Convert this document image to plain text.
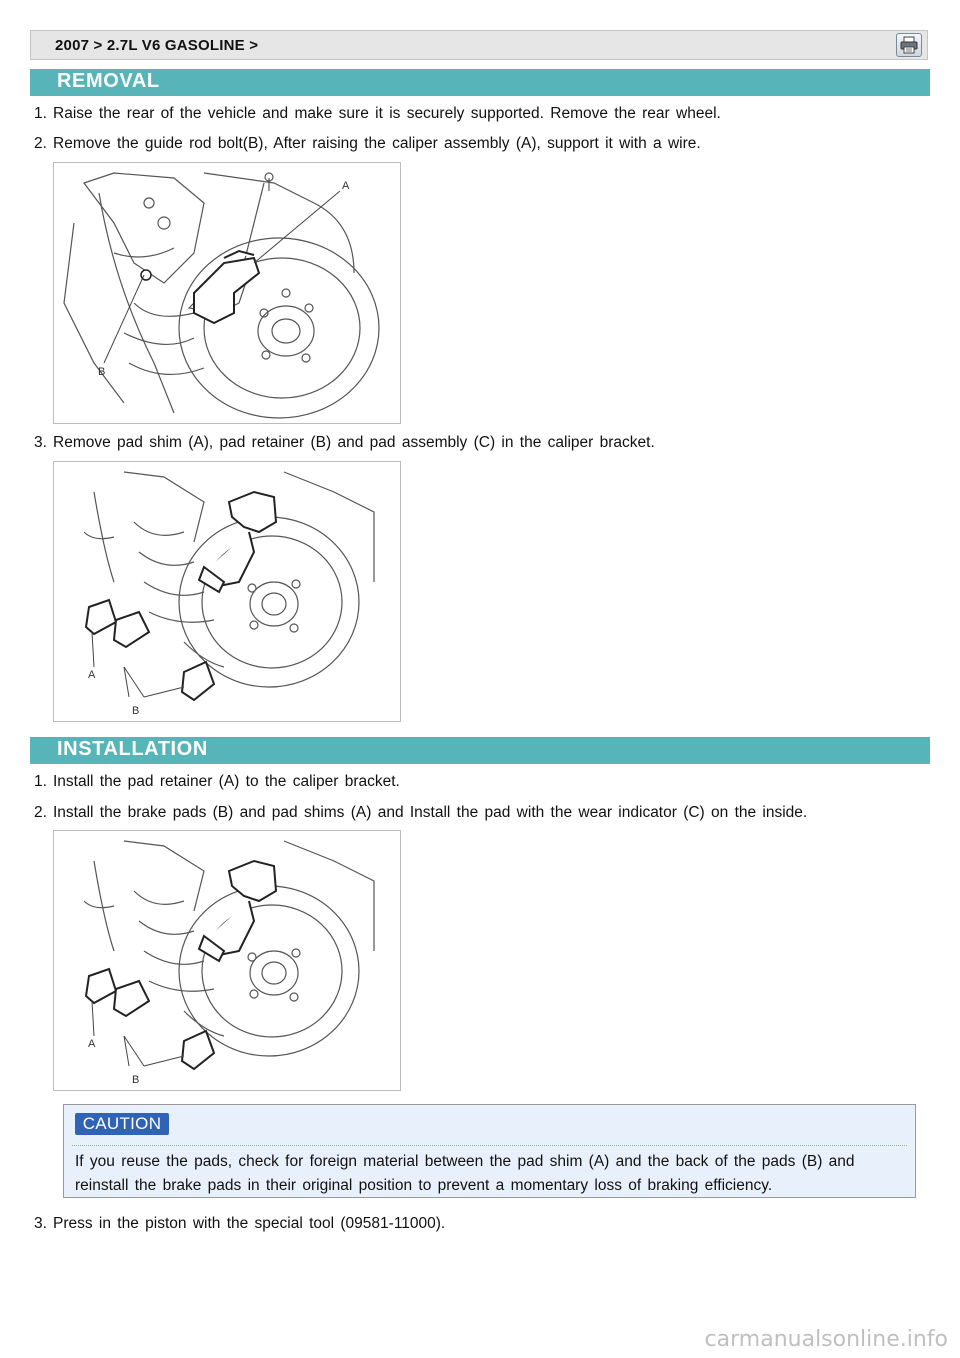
2007 > 2.7L V6 GASOLINE >
REMOVAL
1. Raise the rear of the vehicle and make sure it is securely supported. Remove the rear wheel.
2. Remove the guide rod bolt(B), After raising the caliper assembly (A), support it with a wire.
A
B
3. Remove pad shim (A), pad retainer (B) and pad assembly (C) in the caliper bracket.
A
B
INSTALLATION
1. Install the pad retainer (A) to the caliper bracket.
2. Install the brake pads (B) and pad shims (A) and Install the pad with the wear indicator (C) on the inside.
A
B
CAUTION
If you reuse the pads, check for foreign material between the pad shim (A) and the back of the pads (B) and reinstall the brake pads in their original position to prevent a momentary loss of braking efficiency.
3. Press in the piston with the special tool (09581-11000).
carmanualsonline.info
